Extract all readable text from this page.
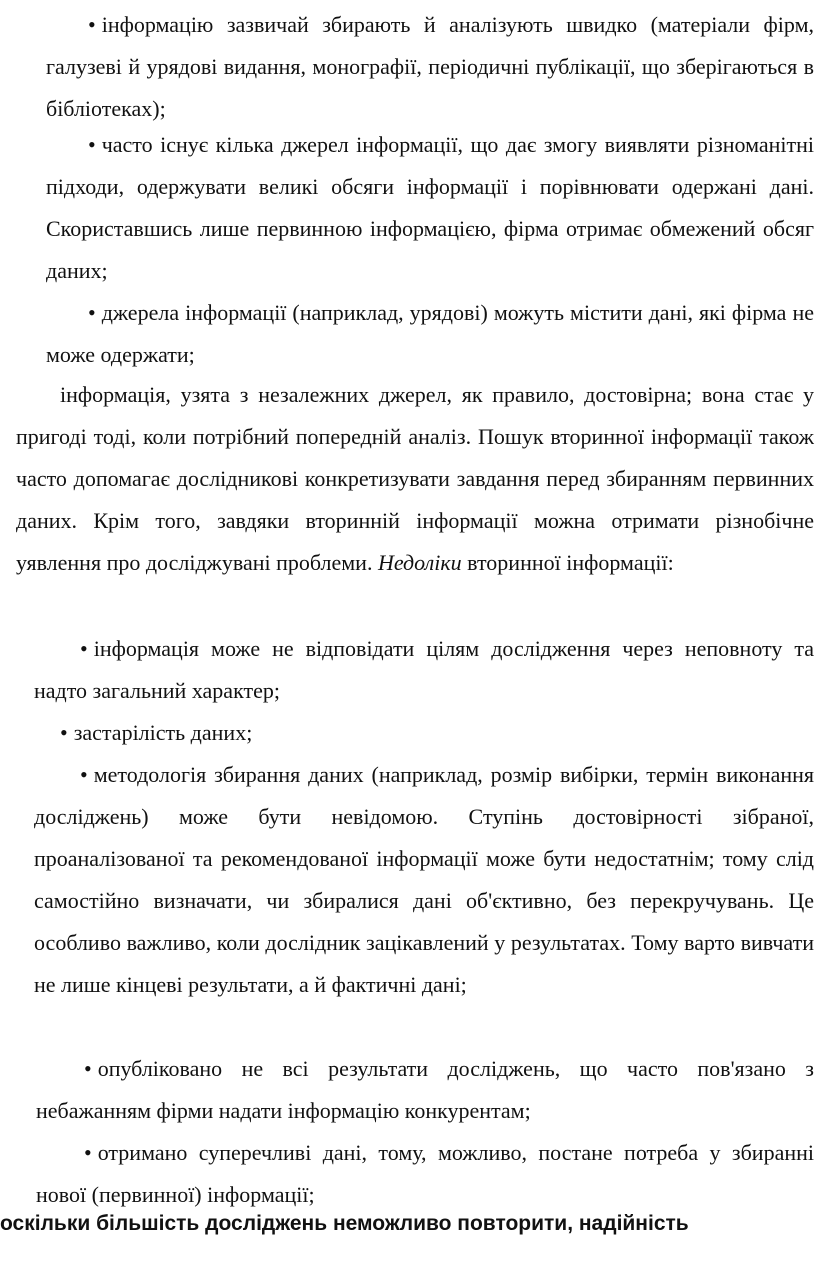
• інформацію зазвичай збирають й аналізують швидко (матеріали фірм, галузеві й урядові видання, монографії, періодичні публікації, що зберігаються в бібліотеках);

• часто існує кілька джерел інформації, що дає змогу виявляти різноманітні підходи, одержувати великі обсяги інформації і порівнювати одержані дані. Скориставшись лише первинною інформацією, фірма отримає обмежений обсяг даних;

• джерела інформації (наприклад, урядові) можуть містити дані, які фірма не може одержати;

інформація, узята з незалежних джерел, як правило, достовірна; вона стає у пригоді тоді, коли потрібний попередній аналіз. Пошук вторинної інформації також часто допомагає дослідникові конкретизувати завдання перед збиранням первинних даних. Крім того, завдяки вторинній інформації можна отримати різнобічне уявлення про досліджувані проблеми. Недоліки вторинної інформації:

• інформація може не відповідати цілям дослідження через неповноту та надто загальний характер;

• застарілість даних;

• методологія збирання даних (наприклад, розмір вибірки, термін виконання досліджень) може бути невідомою. Ступінь достовірності зібраної, проаналізованої та рекомендованої інформації може бути недостатнім; тому слід самостійно визначати, чи збиралися дані об'єктивно, без перекручувань. Це особливо важливо, коли дослідник зацікавлений у результатах. Тому варто вивчати не лише кінцеві результати, а й фактичні дані;

• опубліковано не всі результати досліджень, що часто пов'язано з небажанням фірми надати інформацію конкурентам;

• отримано суперечливі дані, тому, можливо, постане потреба у збиранні нової (первинної) інформації;

оскільки більшість досліджень неможливо повторити, надійність
